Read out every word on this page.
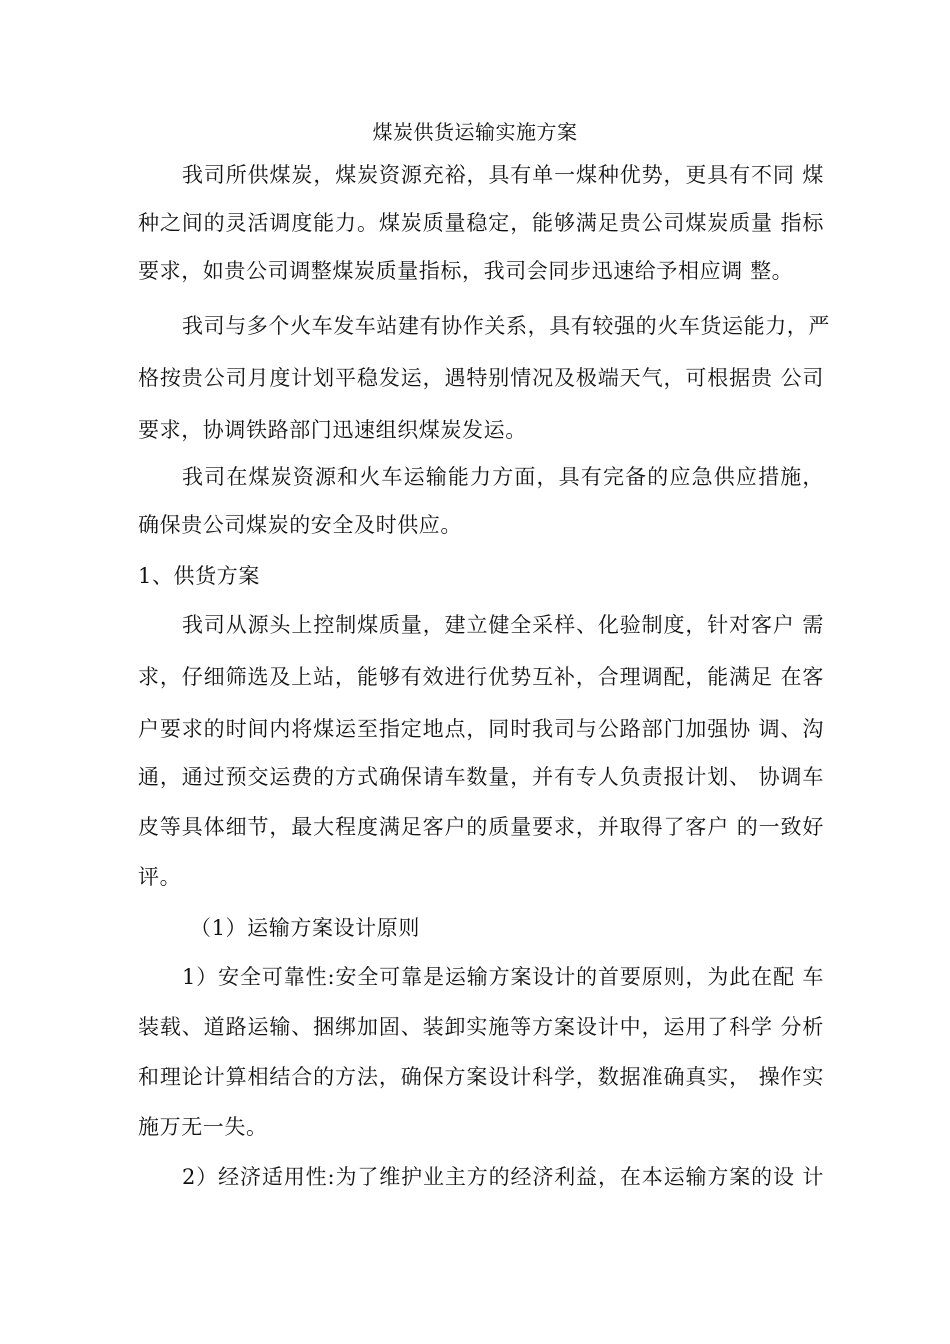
煤炭供货运输实施方案
我司所供煤炭，煤炭资源充裕，具有单一煤种优势，更具有不同 煤
种之间的灵活调度能力。煤炭质量稳定，能够满足贵公司煤炭质量 指标
要求，如贵公司调整煤炭质量指标，我司会同步迅速给予相应调 整。
我司与多个火车发车站建有协作关系，具有较强的火车货运能力，严
格按贵公司月度计划平稳发运，遇特别情况及极端天气，可根据贵 公司
要求，协调铁路部门迅速组织煤炭发运。
我司在煤炭资源和火车运输能力方面，具有完备的应急供应措施，
确保贵公司煤炭的安全及时供应。
1、供货方案
我司从源头上控制煤质量，建立健全采样、化验制度，针对客户 需
求，仔细筛选及上站，能够有效进行优势互补，合理调配，能满足 在客
户要求的时间内将煤运至指定地点，同时我司与公路部门加强协 调、沟
通，通过预交运费的方式确保请车数量，并有专人负责报计划、 协调车
皮等具体细节，最大程度满足客户的质量要求，并取得了客户 的一致好
评。
（1）运输方案设计原则
1）安全可靠性:安全可靠是运输方案设计的首要原则，为此在配 车
装载、道路运输、捆绑加固、装卸实施等方案设计中，运用了科学 分析
和理论计算相结合的方法，确保方案设计科学，数据准确真实， 操作实
施万无一失。
2）经济适用性:为了维护业主方的经济利益，在本运输方案的设 计
